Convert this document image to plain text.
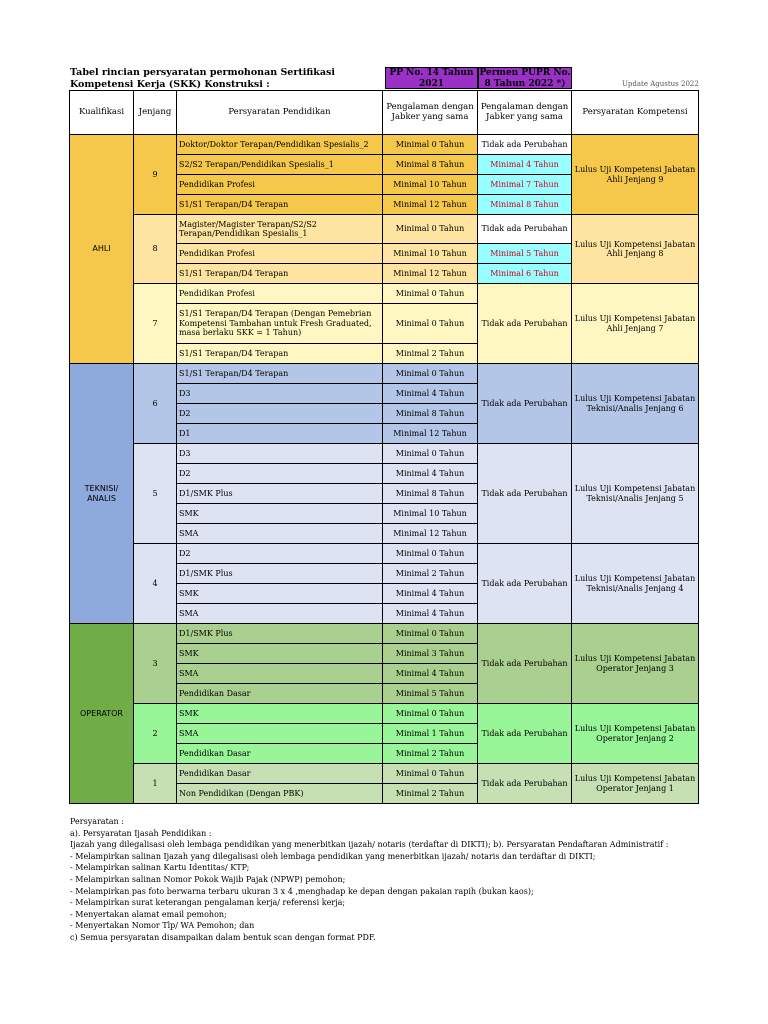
Tabel rincian persyaratan permohonan Sertifikasi Kompetensi Kerja (SKK) Konstruksi :	Update Agustus 2022
PP No. 14 Tahun 2021
Permen PUPR No. 8 Tahun 2022 *)
Kualifikasi	Jenjang	Persyaratan Pendidikan	Pengalaman dengan Jabker yang sama	Pengalaman dengan Jabker yang sama	Persyaratan Kompetensi
AHLI	9	Doktor/Doktor Terapan/Pendidikan Spesialis_2	Minimal 0 Tahun	Tidak ada Perubahan	Lulus Uji Kompetensi Jabatan Ahli Jenjang 9
		S2/S2 Terapan/Pendidikan Spesialis_1	Minimal 8 Tahun	Minimal 4 Tahun	
		Pendidikan Profesi	Minimal 10 Tahun	Minimal 7 Tahun	
		S1/S1 Terapan/D4 Terapan	Minimal 12 Tahun	Minimal 8 Tahun	
	8	Magister/Magister Terapan/S2/S2 Terapan/Pendidikan Spesialis_1	Minimal 0 Tahun	Tidak ada Perubahan	Lulus Uji Kompetensi Jabatan Ahli Jenjang 8
		Pendidikan Profesi	Minimal 10 Tahun	Minimal 5 Tahun	
		S1/S1 Terapan/D4 Terapan	Minimal 12 Tahun	Minimal 6 Tahun	
	7	Pendidikan Profesi	Minimal 0 Tahun	Tidak ada Perubahan	Lulus Uji Kompetensi Jabatan Ahli Jenjang 7
		S1/S1 Terapan/D4 Terapan (Dengan Pemebrian Kompetensi Tambahan untuk Fresh Graduated, masa berlaku SKK = 1 Tahun)	Minimal 0 Tahun		
		S1/S1 Terapan/D4 Terapan	Minimal 2 Tahun		
TEKNISI/ ANALIS	6	S1/S1 Terapan/D4 Terapan	Minimal 0 Tahun	Tidak ada Perubahan	Lulus Uji Kompetensi Jabatan Teknisi/Analis Jenjang 6
		D3	Minimal 4 Tahun		
		D2	Minimal 8 Tahun		
		D1	Minimal 12 Tahun		
	5	D3	Minimal 0 Tahun	Tidak ada Perubahan	Lulus Uji Kompetensi Jabatan Teknisi/Analis Jenjang 5
		D2	Minimal 4 Tahun		
		D1/SMK Plus	Minimal 8 Tahun		
		SMK	Minimal 10 Tahun		
		SMA	Minimal 12 Tahun		
	4	D2	Minimal 0 Tahun	Tidak ada Perubahan	Lulus Uji Kompetensi Jabatan Teknisi/Analis Jenjang 4
		D1/SMK Plus	Minimal 2 Tahun		
		SMK	Minimal 4 Tahun		
		SMA	Minimal 4 Tahun		
OPERATOR	3	D1/SMK Plus	Minimal 0 Tahun	Tidak ada Perubahan	Lulus Uji Kompetensi Jabatan Operator Jenjang 3
		SMK	Minimal 3 Tahun		
		SMA	Minimal 4 Tahun		
		Pendidikan Dasar	Minimal 5 Tahun		
	2	SMK	Minimal 0 Tahun	Tidak ada Perubahan	Lulus Uji Kompetensi Jabatan Operator Jenjang 2
		SMA	Minimal 1 Tahun		
		Pendidikan Dasar	Minimal 2 Tahun		
	1	Pendidikan Dasar	Minimal 0 Tahun	Tidak ada Perubahan	Lulus Uji Kompetensi Jabatan Operator Jenjang 1
		Non Pendidikan (Dengan PBK)	Minimal 2 Tahun		
Persyaratan :
a). Persyaratan Ijasah Pendidikan :
Ijazah yang dilegalisasi oleh lembaga pendidikan yang menerbitkan ijazah/ notaris (terdaftar di DIKTI); b). Persyaratan Pendaftaran Administratif :
- Melampirkan salinan Ijazah yang dilegalisasi oleh lembaga pendidikan yang menerbitkan ijazah/ notaris dan terdaftar di DIKTI;
- Melampirkan salinan Kartu Identitas/ KTP;
- Melampirkan salinan Nomor Pokok Wajib Pajak (NPWP) pemohon;
- Melampirkan pas foto berwarna terbaru ukuran 3 x 4 ,menghadap ke depan dengan pakaian rapih (bukan kaos);
- Melampirkan surat keterangan pengalaman kerja/ referensi kerja;
- Menyertakan alamat email pemohon;
- Menyertakan Nomor Tlp/ WA Pemohon; dan
c) Semua persyaratan disampaikan dalam bentuk scan dengan format PDF.
